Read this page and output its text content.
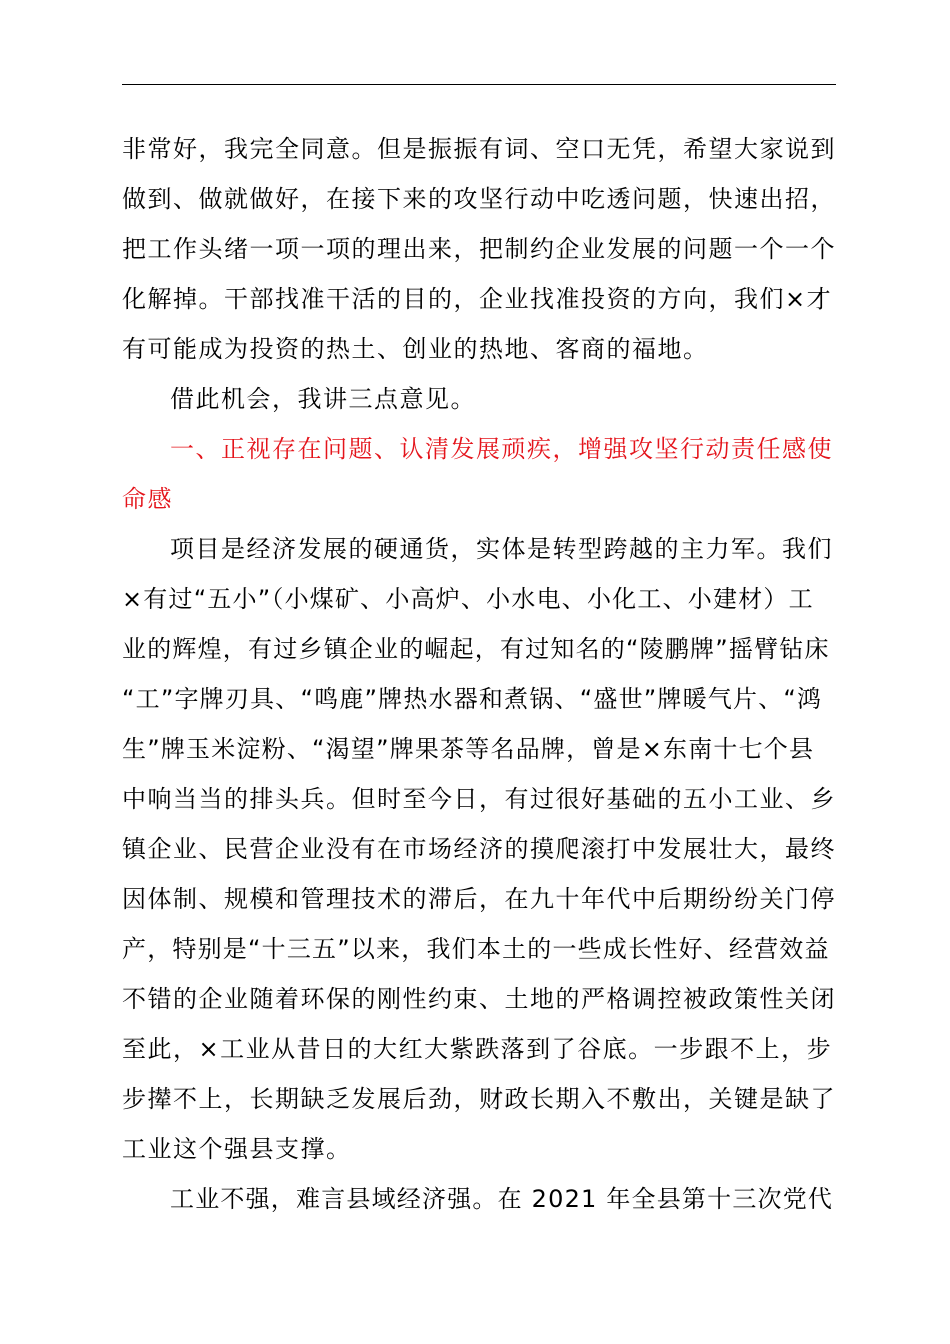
非常好，我完全同意。但是振振有词、空口无凭，希望大家说到
做到、做就做好，在接下来的攻坚行动中吃透问题，快速出招，
把工作头绪一项一项的理出来，把制约企业发展的问题一个一个
化解掉。干部找准干活的目的，企业找准投资的方向，我们×才
有可能成为投资的热土、创业的热地、客商的福地。
借此机会，我讲三点意见。
一、正视存在问题、认清发展顽疾，增强攻坚行动责任感使
命感
项目是经济发展的硬通货，实体是转型跨越的主力军。我们
×有过“五小”（小煤矿、小高炉、小水电、小化工、小建材）工
业的辉煌，有过乡镇企业的崛起，有过知名的“陵鹏牌”摇臂钻床
“工”字牌刃具、“鸣鹿”牌热水器和煮锅、“盛世”牌暖气片、“鸿
生”牌玉米淀粉、“渴望”牌果茶等名品牌，曾是×东南十七个县
中响当当的排头兵。但时至今日，有过很好基础的五小工业、乡
镇企业、民营企业没有在市场经济的摸爬滚打中发展壮大，最终
因体制、规模和管理技术的滞后，在九十年代中后期纷纷关门停
产，特别是“十三五”以来，我们本土的一些成长性好、经营效益
不错的企业随着环保的刚性约束、土地的严格调控被政策性关闭
至此，×工业从昔日的大红大紫跌落到了谷底。一步跟不上，步
步撵不上，长期缺乏发展后劲，财政长期入不敷出，关键是缺了
工业这个强县支撑。
工业不强，难言县域经济强。在 2021 年全县第十三次党代
